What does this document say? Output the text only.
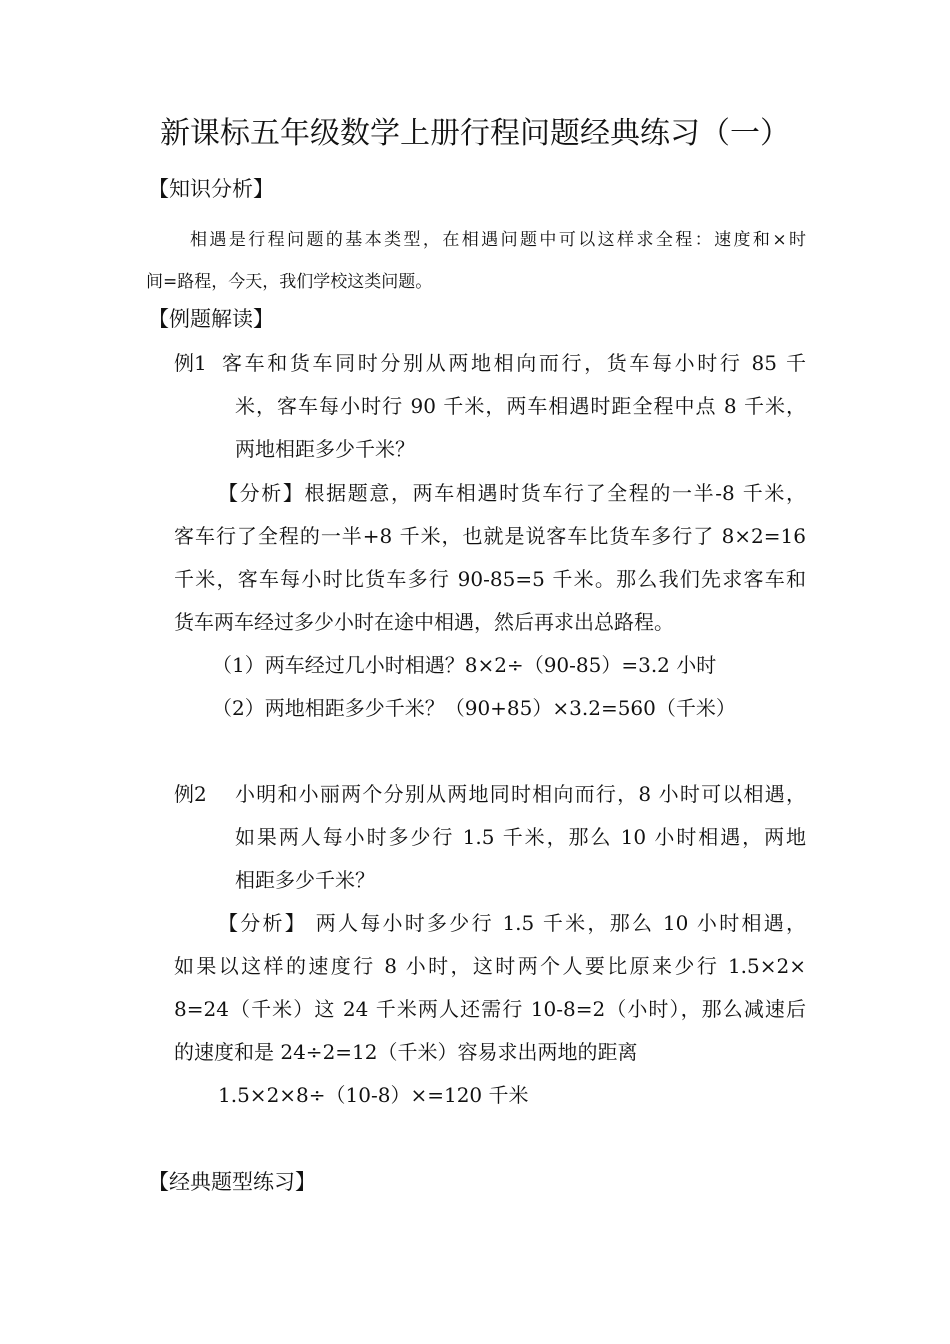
新课标五年级数学上册行程问题经典练习（一）
【知识分析】
相遇是行程问题的基本类型，在相遇问题中可以这样求全程：速度和×时
间=路程，今天，我们学校这类问题。
【例题解读】
例1 客车和货车同时分别从两地相向而行，货车每小时行 85 千
米，客车每小时行 90 千米，两车相遇时距全程中点 8 千米，
两地相距多少千米？
【分析】根据题意，两车相遇时货车行了全程的一半-8 千米，
客车行了全程的一半+8 千米，也就是说客车比货车多行了 8×2=16
千米，客车每小时比货车多行 90-85=5 千米。那么我们先求客车和
货车两车经过多少小时在途中相遇，然后再求出总路程。
（1）两车经过几小时相遇？8×2÷（90-85）=3.2 小时
（2）两地相距多少千米？（90+85）×3.2=560（千米）
例2 小明和小丽两个分别从两地同时相向而行，8 小时可以相遇，
如果两人每小时多少行 1.5 千米，那么 10 小时相遇，两地
相距多少千米？
【分析】 两人每小时多少行 1.5 千米，那么 10 小时相遇，
如果以这样的速度行 8 小时，这时两个人要比原来少行 1.5×2×
8=24（千米）这 24 千米两人还需行 10-8=2（小时），那么减速后
的速度和是 24÷2=12（千米）容易求出两地的距离
1.5×2×8÷（10-8）×=120 千米
【经典题型练习】
